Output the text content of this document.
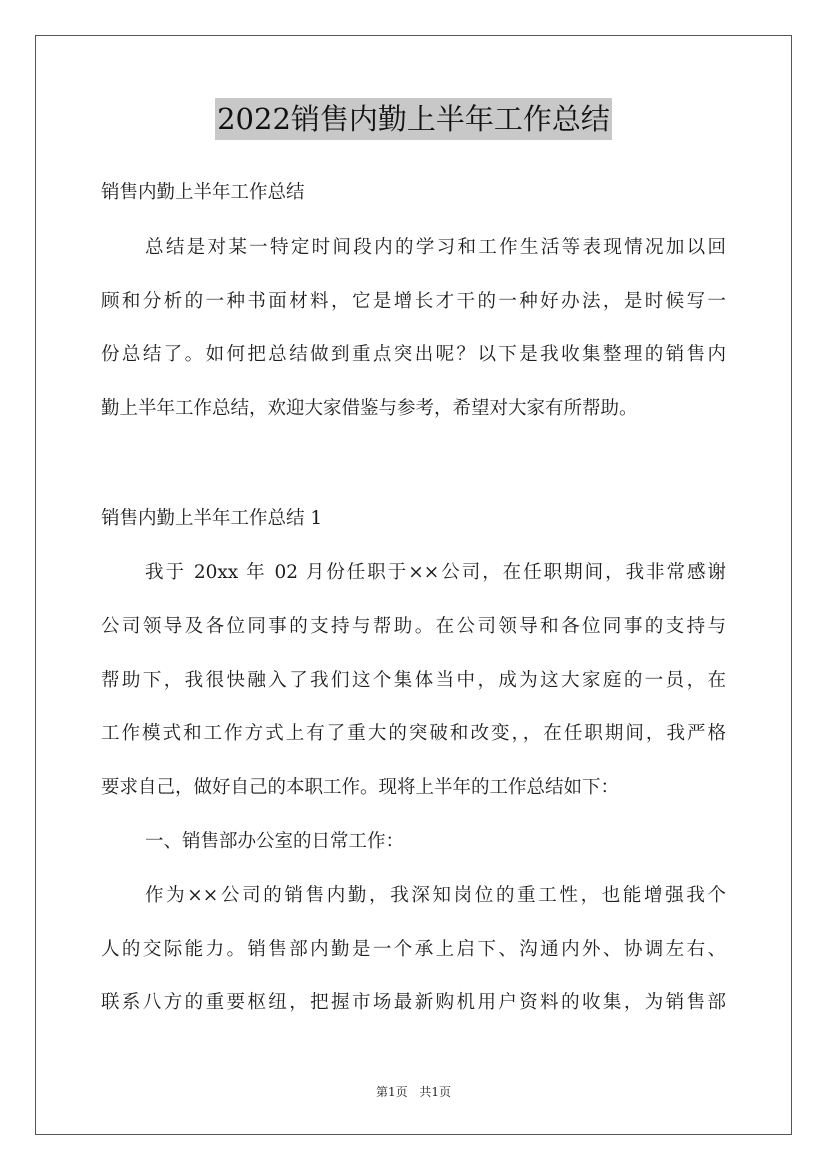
2022销售内勤上半年工作总结
销售内勤上半年工作总结
总结是对某一特定时间段内的学习和工作生活等表现情况加以回
顾和分析的一种书面材料，它是增长才干的一种好办法，是时候写一
份总结了。如何把总结做到重点突出呢？以下是我收集整理的销售内
勤上半年工作总结，欢迎大家借鉴与参考，希望对大家有所帮助。
销售内勤上半年工作总结 1
我于 20xx 年 02 月份任职于××公司，在任职期间，我非常感谢
公司领导及各位同事的支持与帮助。在公司领导和各位同事的支持与
帮助下，我很快融入了我们这个集体当中，成为这大家庭的一员，在
工作模式和工作方式上有了重大的突破和改变，，在任职期间，我严格
要求自己，做好自己的本职工作。现将上半年的工作总结如下：
一、销售部办公室的日常工作：
作为××公司的销售内勤，我深知岗位的重工性，也能增强我个
人的交际能力。销售部内勤是一个承上启下、沟通内外、协调左右、
联系八方的重要枢纽，把握市场最新购机用户资料的收集，为销售部
第1页 共1页
